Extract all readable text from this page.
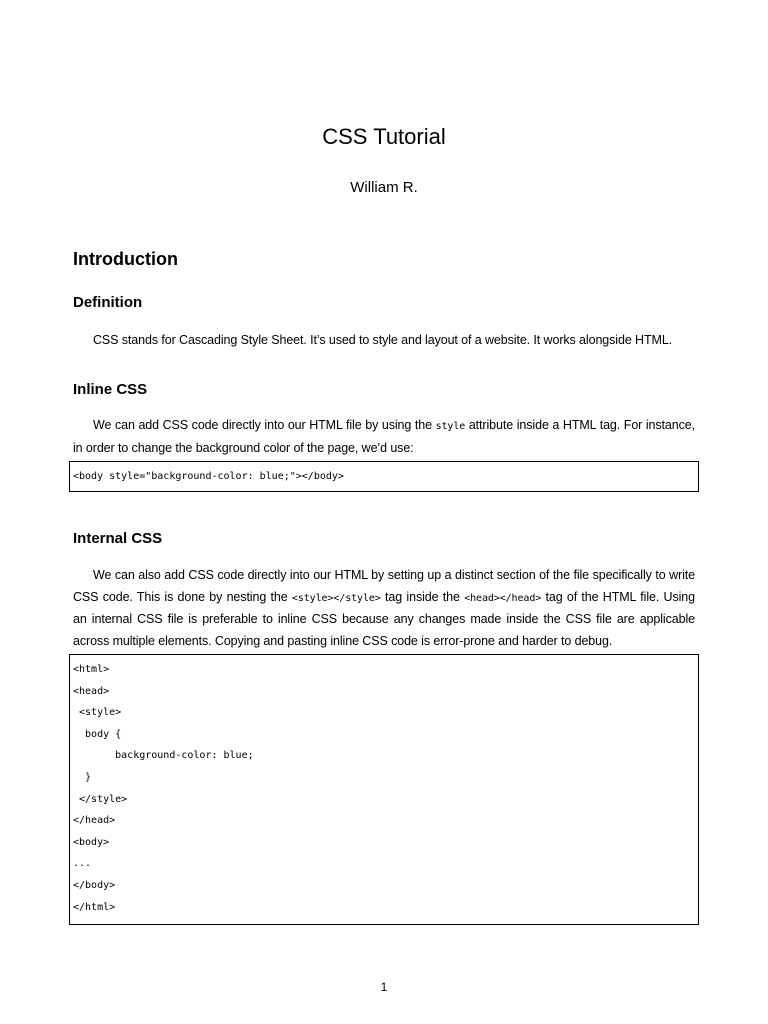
CSS Tutorial
William R.
Introduction
Definition

CSS stands for Cascading Style Sheet. It’s used to style and layout of a website. It works alongside HTML.

Inline CSS

We can add CSS code directly into our HTML file by using the style attribute inside a HTML tag. For instance, in order to change the background color of the page, we’d use:

<body style="background-color: blue;"></body>
Internal CSS

We can also add CSS code directly into our HTML by setting up a distinct section of the file specifically to write CSS code. This is done by nesting the <style></style> tag inside the <head></head> tag of the HTML file. Using an internal CSS file is preferable to inline CSS because any changes made inside the CSS file are applicable across multiple elements. Copying and pasting inline CSS code is error-prone and harder to debug.

<html>
<head>
<style>
body {
background-color: blue;
}
</style>
</head>
<body>
...
</body>
</html>
1
